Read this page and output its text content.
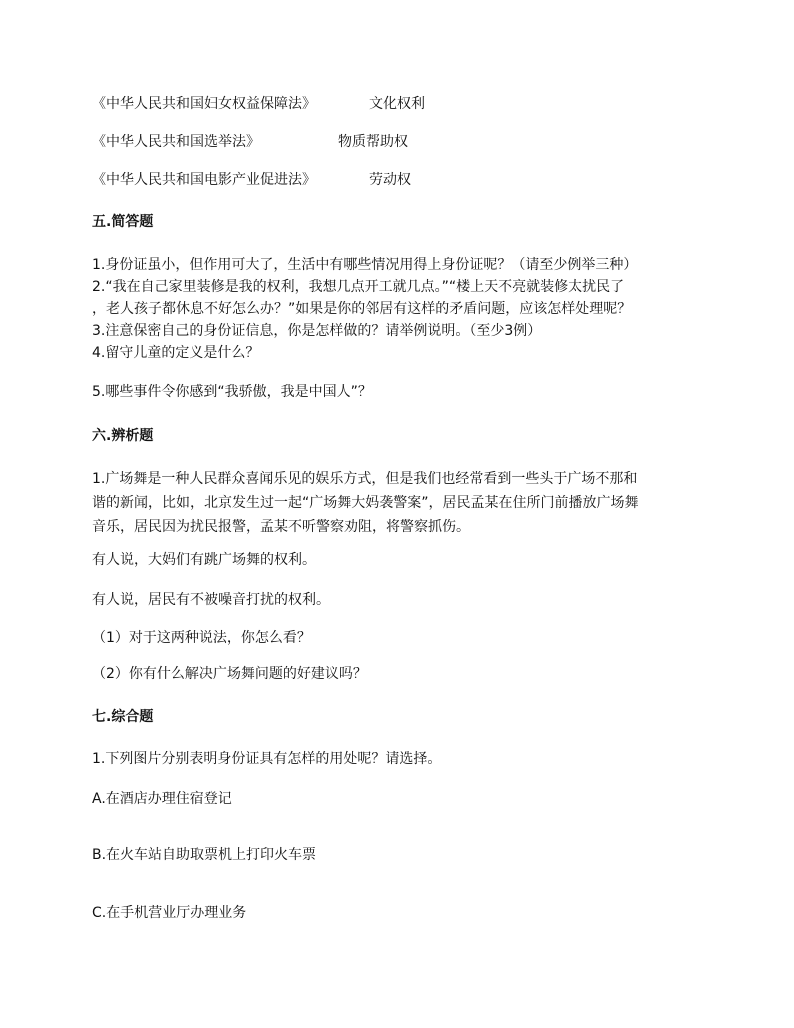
《中华人民共和国妇女权益保障法》	文化权利
《中华人民共和国选举法》	物质帮助权
《中华人民共和国电影产业促进法》	劳动权
五.简答题
1.身份证虽小，但作用可大了，生活中有哪些情况用得上身份证呢？（请至少例举三种）
2.“我在自己家里装修是我的权利，我想几点开工就几点。”“楼上天不亮就装修太扰民了
，老人孩子都休息不好怎么办？”如果是你的邻居有这样的矛盾问题，应该怎样处理呢？
3.注意保密自己的身份证信息，你是怎样做的？请举例说明。（至少3例）
4.留守儿童的定义是什么？
5.哪些事件令你感到“我骄傲，我是中国人”？
六.辨析题
1.广场舞是一种人民群众喜闻乐见的娱乐方式，但是我们也经常看到一些头于广场不那和
谐的新闻，比如，北京发生过一起“广场舞大妈袭警案”，居民孟某在住所门前播放广场舞
音乐，居民因为扰民报警，孟某不听警察劝阻，将警察抓伤。
有人说，大妈们有跳广场舞的权利。
有人说，居民有不被噪音打扰的权利。
（1）对于这两种说法，你怎么看？
（2）你有什么解决广场舞问题的好建议吗？
七.综合题
1.下列图片分别表明身份证具有怎样的用处呢？请选择。
A.在酒店办理住宿登记
B.在火车站自助取票机上打印火车票
C.在手机营业厅办理业务
